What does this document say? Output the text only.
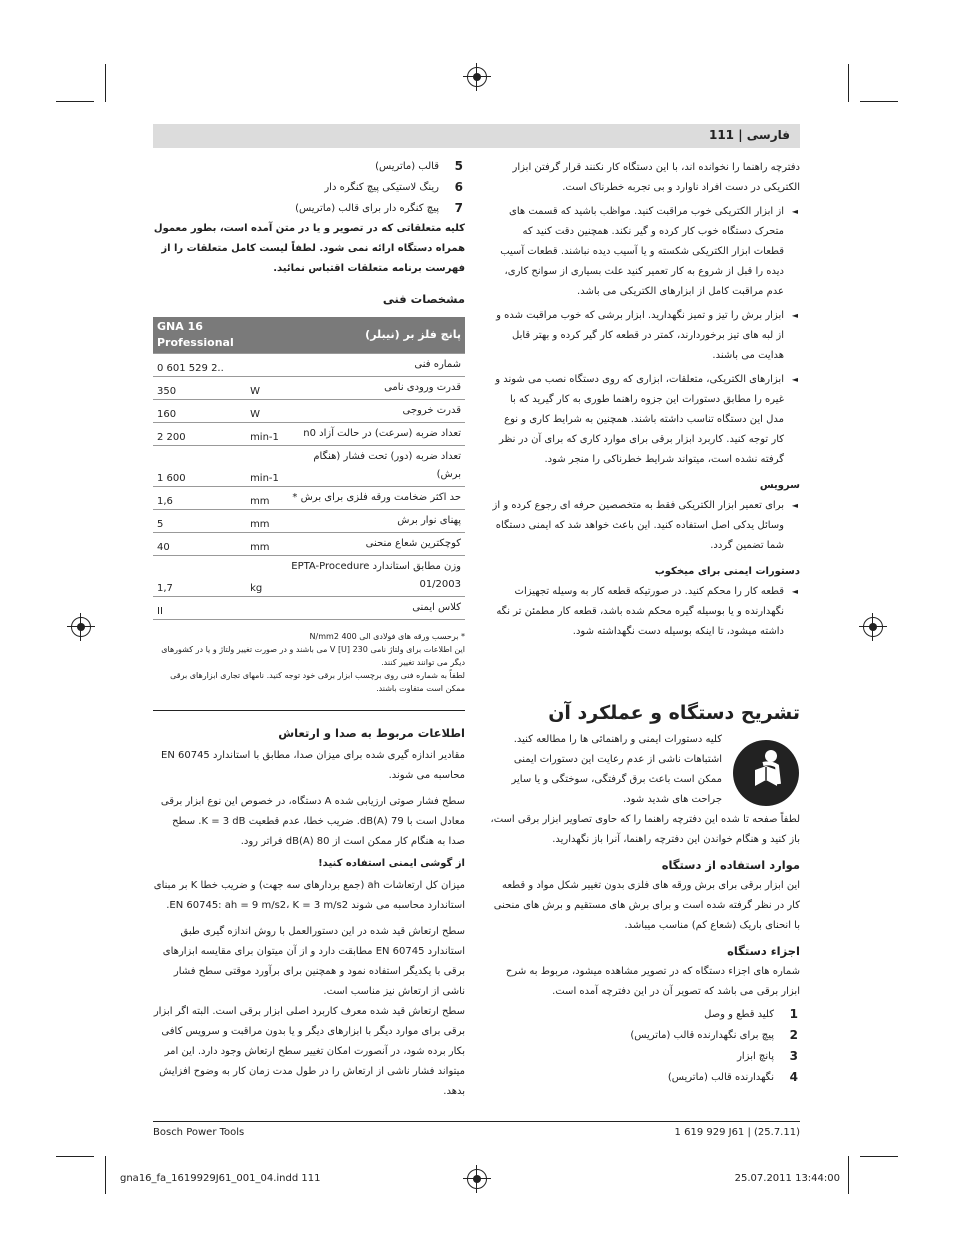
فارسی | 111

5
قالب (ماتریس)

6
رینگ لاستیکی پیچ کنگره دار

7
پیچ کنگره دار برای قالب (ماتریس)

کلیه متعلقاتی که در تصویر و یا در متن آمده است، بطور معمول همراه دستگاه ارائه نمی شود. لطفاً لیست کامل متعلقات را از فهرست برنامه متعلقات اقتباس نمائید.

مشخصات فنی

GNA 16
Professional		پانچ فلز بر (نیبلر)
0 601 529 2..		شماره فنی
350	W	قدرت ورودی نامی
160	W	قدرت خروجی
2 200	min-1	تعداد ضربه (سرعت) در حالت آزاد n0
1 600	min-1	تعداد ضربه (دور) تحت فشار (هنگام برش)
1,6	mm	حد اکثر ضخامت ورقه فلزی برای برش *
5	mm	پهنای نوار برش
40	mm	کوچکترین شعاع منحنی
1,7	kg	وزن مطابق استاندارد EPTA-Procedure 01/2003
II		کلاس ایمنی

* برحسب ورقه های فولادی الی 400 N/mm2

این اطلاعات برای ولتاژ نامی 230 V [U] می باشند و در صورت تغییر ولتاژ و یا در کشورهای دیگر می توانند تغییر کنند.

لطفاً به شماره فنی روی برچسب ابزار برقی خود توجه کنید. نامهای تجاری ابزارهای برقی ممکن است متفاوت باشند.

اطلاعات مربوط به صدا و ارتعاش

مقادیر اندازه گیری شده برای میزان صدا، مطابق با استاندارد EN 60745 محاسبه می شوند.

سطح فشار صوتی ارزیابی شده A دستگاه، در خصوص این نوع ابزار برقی معادل است با 79 dB(A). ضریب خطا، عدم قطعیت K = 3 dB. سطح صدا به هنگام کار ممکن است از 80 dB(A) فراتر رود.

از گوشی ایمنی استفاده کنید!

میزان کل ارتعاشات ah (جمع بردارهای سه جهت) و ضریب خطا K بر مبنای استاندارد محاسبه می شوند EN 60745: ah = 9 m/s2، K = 3 m/s2.

سطح ارتعاش قید شده در این دستورالعمل با روش اندازه گیری طبق استاندارد EN 60745 مطابقت دارد و از آن میتوان برای مقایسه ابزارهای برقی با یکدیگر استفاده نمود و همچنین برای برآورد موقتی سطح فشار ناشی از ارتعاش نیز مناسب است.

سطح ارتعاش قید شده معرف کاربرد اصلی ابزار برقی است. البته اگر ابزار برقی برای موارد دیگر با ابزارهای دیگر و یا بدون مراقبت و سرویس کافی بکار برده شود، در آنصورت امکان تغییر سطح ارتعاش وجود دارد. این امر میتواند فشار ناشی از ارتعاش را در طول مدت زمان کار به وضوح افزایش بدهد.

دفترچه راهنما را نخوانده اند، با این دستگاه کار نکنند قرار گرفتن ابزار الکتریکی در دست افراد ناوارد و بی تجربه خطرناک است.

◄
از ابزار الکتریکی خوب مراقبت کنید. مواظب باشید که قسمت های متحرک دستگاه خوب کار کرده و گیر نکند. همچنین دقت کنید که قطعات ابزار الکتریکی شکسته و یا آسیب دیده نباشند. قطعات آسیب دیده را قبل از شروع به کار تعمیر کنید علت بسیاری از سوانح کاری، عدم مراقبت کامل از ابزارهای الکتریکی می باشد.

◄
ابزار برش را تیز و تمیز نگهدارید. ابزار برشی که خوب مراقبت شده و از لبه های تیز برخوردارند، کمتر در قطعه کار گیر کرده و بهتر قابل هدایت می باشند.

◄
ابزارهای الکتریکی، متعلقات، ابزاری که روی دستگاه نصب می شوند و غیره را مطابق دستورات این جزوه راهنما طوری به کار گیرید که با مدل این دستگاه تناسب داشته باشند. همچنین به شرایط کاری و نوع کار توجه کنید. کاربرد ابزار برقی برای موارد کاری که برای آن در نظر گرفته نشده است، میتواند شرایط خطرناکی را منجر شود.

سرویس

◄
برای تعمیر ابزار الکتریکی فقط به متخصصین حرفه ای رجوع کرده و از وسائل یدکی اصل استفاده کنید. این باعث خواهد شد که ایمنی دستگاه شما تضمین گردد.

دستورات ایمنی برای میخکوب

◄
قطعه کار را محکم کنید. در صورتیکه قطعه کار به وسیله تجهیزات نگهدارنده و یا بوسیله گیره محکم شده باشد، قطعه کار مطمئن تر نگه داشته میشود، تا اینکه بوسیله دست نگهداشته شود.

تشریح دستگاه و عملکرد آن

کلیه دستورات ایمنی و راهنمائی ها را مطالعه کنید. اشتباهات ناشی از عدم رعایت این دستورات ایمنی ممکن است باعث برق گرفتگی، سوختگی و یا سایر جراحت های شدید شود.

لطفاً صفحه تا شده این دفترچه راهنما را که حاوی تصاویر ابزار برقی است، باز کنید و هنگام خواندن این دفترچه راهنما، آنرا باز نگهدارید.

موارد استفاده از دستگاه

این ابزار برقی برای برش ورقه های فلزی بدون تغییر شکل مواد و قطعه کار در نظر گرفته شده است و برای برش های مستقیم و برش های منحنی با انحنای باریک (شعاع کم) مناسب میباشد.

اجزاء دستگاه

شماره های اجزاء دستگاه که در تصویر مشاهده میشود، مربوط به شرح ابزار برقی می باشد که تصویر آن در این دفترچه آمده است.

1
کلید قطع و وصل

2
پیچ برای نگهدارنده قالب (ماتریس)

3
پانچ ابزار

4
نگهدارنده قالب (ماتریس)

Bosch Power Tools	1 619 929 J61 | (25.7.11)
gna16_fa_1619929J61_001_04.indd 111	25.07.2011 13:44:00
